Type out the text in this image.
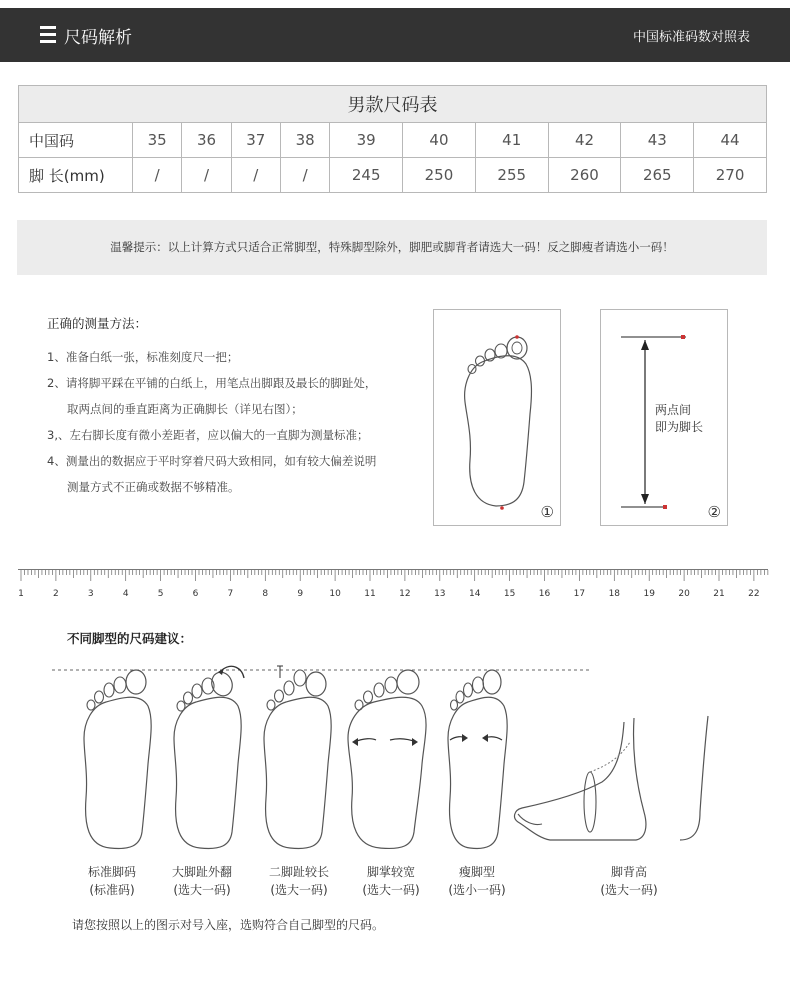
尺码解析	中国标准码数对照表
男款尺码表										
中国码	35	36	37	38	39	40	41	42	43	44
脚 长(mm)	/	/	/	/	245	250	255	260	265	270
温馨提示：以上计算方式只适合正常脚型，特殊脚型除外，脚肥或脚背者请选大一码！反之脚瘦者请选小一码！
正确的测量方法：
1、准备白纸一张，标准刻度尺一把；
2、请将脚平踩在平铺的白纸上，用笔点出脚跟及最长的脚趾处，
取两点间的垂直距离为正确脚长（详见右图）；
3,、左右脚长度有微小差距者，应以偏大的一直脚为测量标准；
4、测量出的数据应于平时穿着尺码大致相同，如有较大偏差说明
测量方式不正确或数据不够精准。
①
两点间
即为脚长
②
1	2	3	4	5	6	7	8	9	10	11	12	13	14	15	16	17	18	19	20	21	22
不同脚型的尺码建议：
标准脚码
(标准码)
大脚趾外翻
(选大一码)
二脚趾较长
(选大一码)
脚掌较宽
(选大一码)
瘦脚型
(选小一码)
脚背高
(选大一码)
请您按照以上的图示对号入座，选购符合自己脚型的尺码。
